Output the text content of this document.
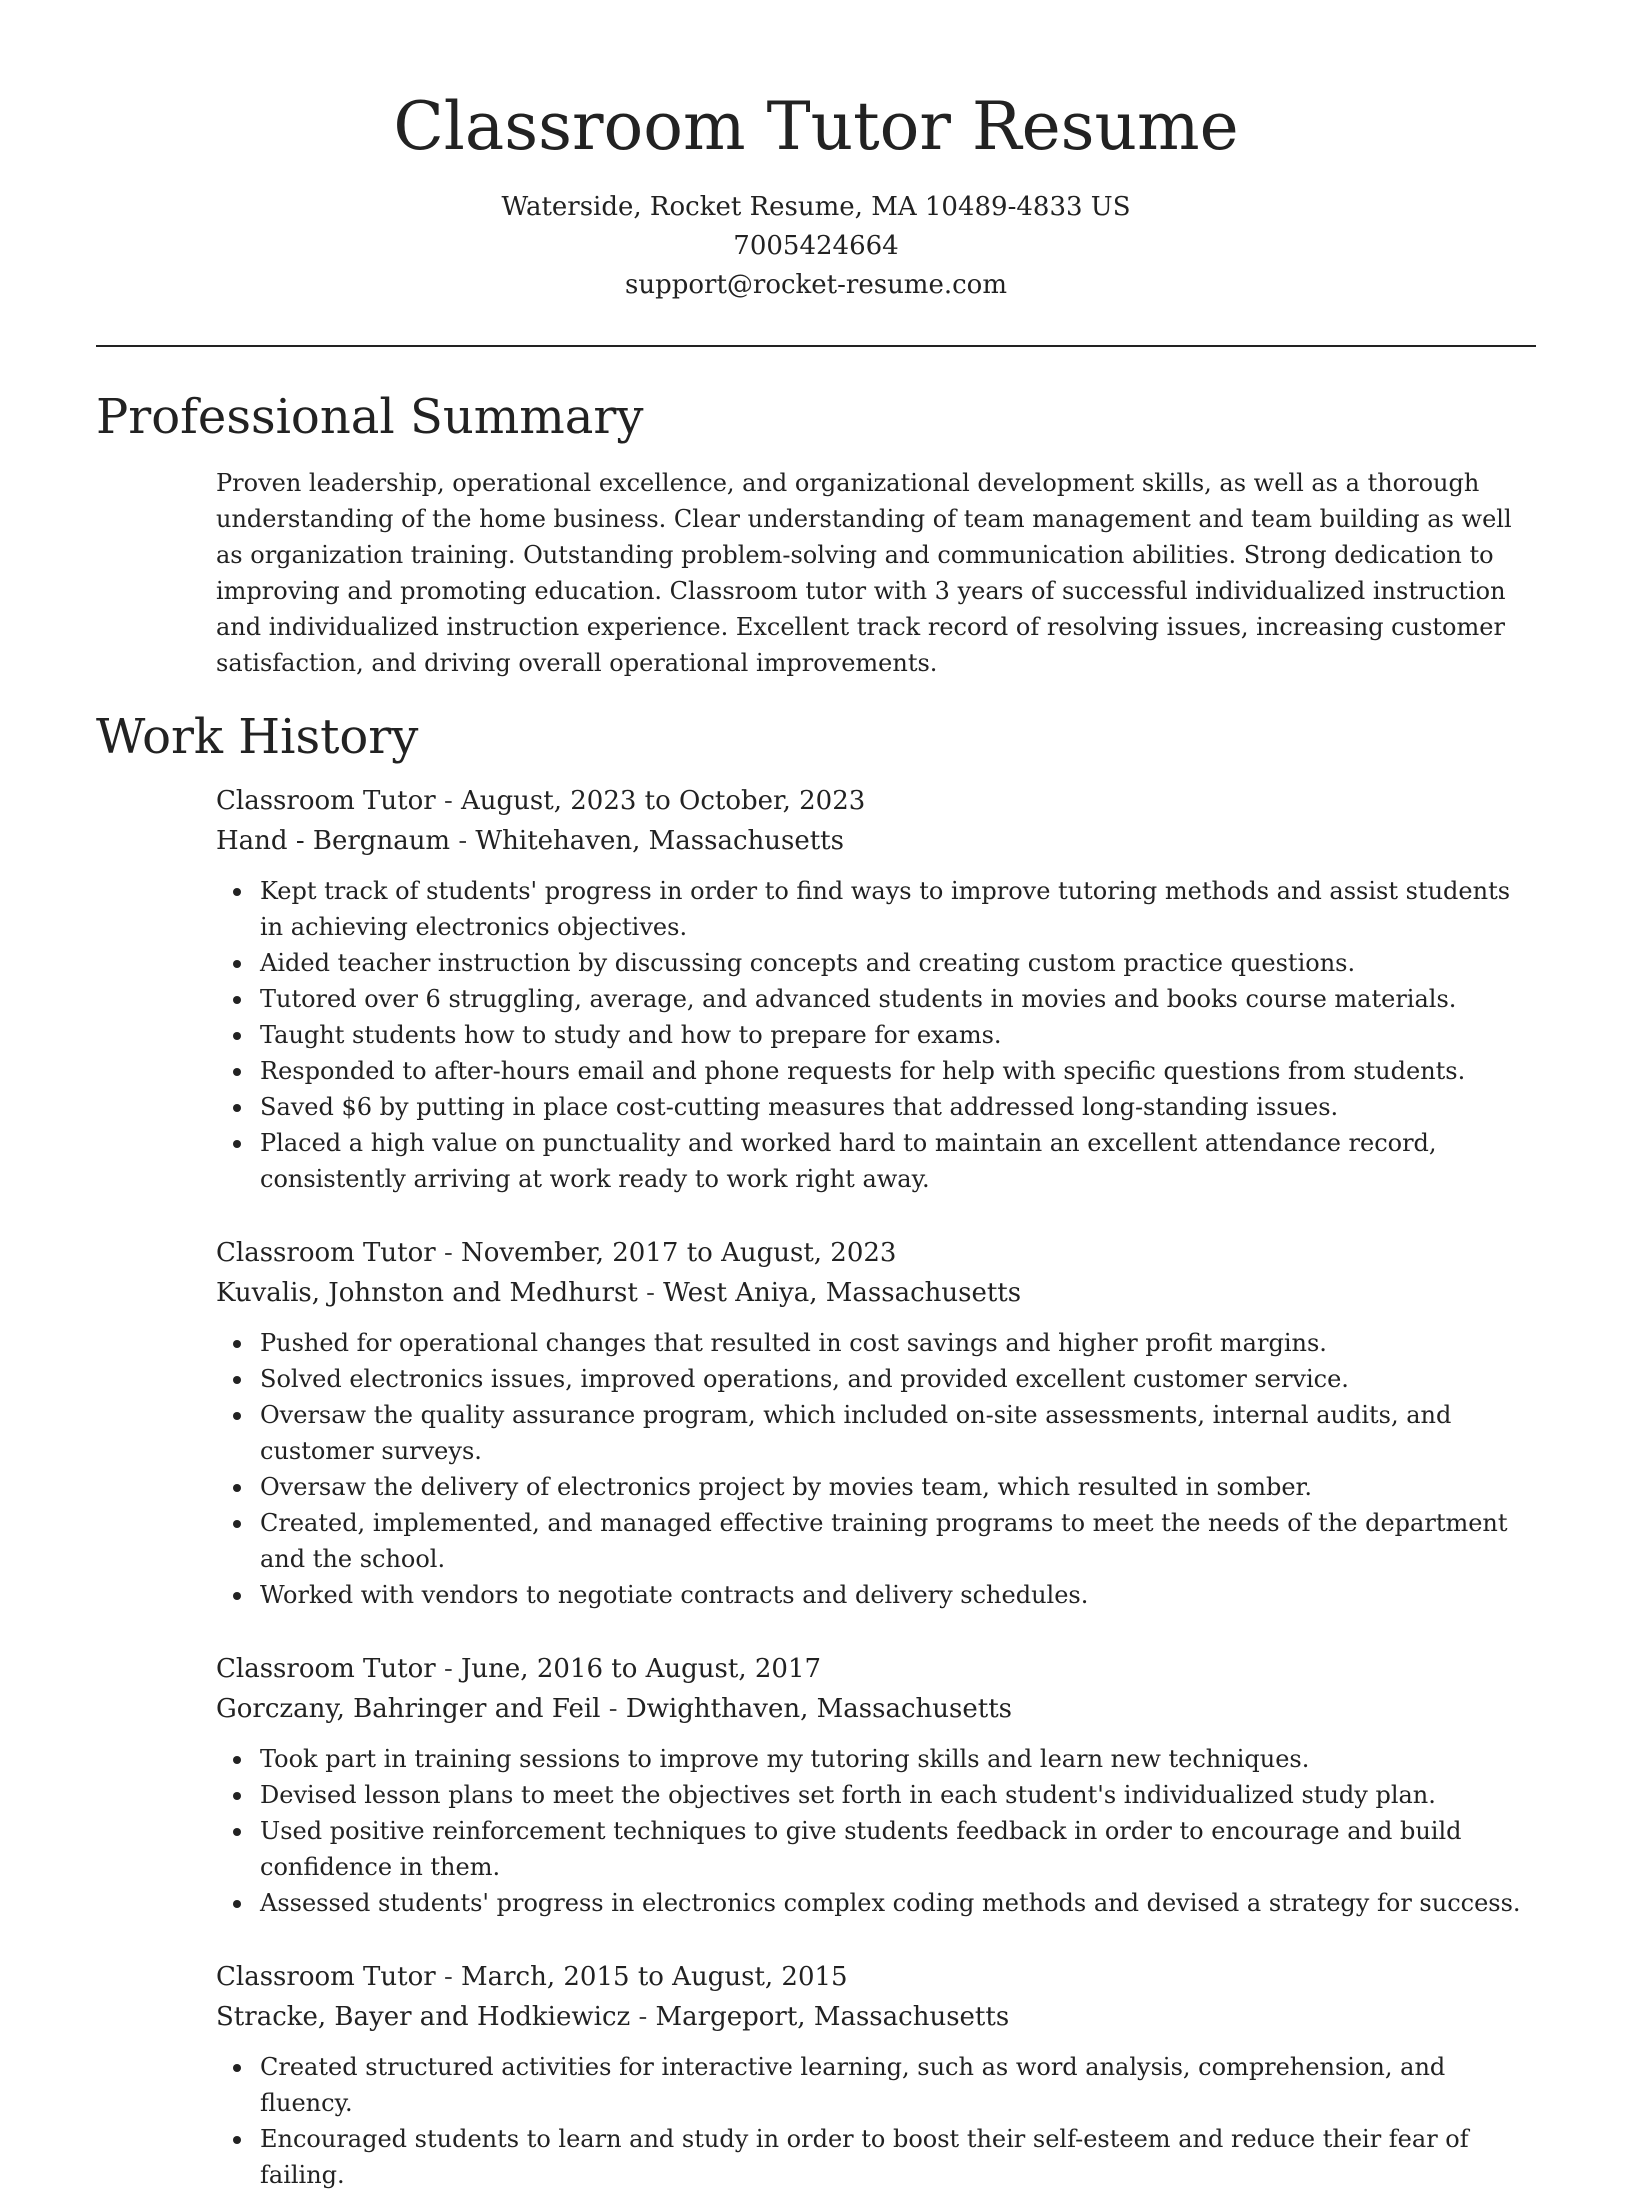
Classroom Tutor Resume
Waterside, Rocket Resume, MA 10489-4833 US
7005424664
support@rocket-resume.com
Professional Summary

Proven leadership, operational excellence, and organizational development skills, as well as a thorough understanding of the home business. Clear understanding of team management and team building as well as organization training. Outstanding problem-solving and communication abilities. Strong dedication to improving and promoting education. Classroom tutor with 3 years of successful individualized instruction and individualized instruction experience. Excellent track record of resolving issues, increasing customer satisfaction, and driving overall operational improvements.

Work History
Classroom Tutor - August, 2023 to October, 2023
Hand - Bergnaum - Whitehaven, Massachusetts
Kept track of students' progress in order to find ways to improve tutoring methods and assist students in achieving electronics objectives.
Aided teacher instruction by discussing concepts and creating custom practice questions.
Tutored over 6 struggling, average, and advanced students in movies and books course materials.
Taught students how to study and how to prepare for exams.
Responded to after-hours email and phone requests for help with specific questions from students.
Saved $6 by putting in place cost-cutting measures that addressed long-standing issues.
Placed a high value on punctuality and worked hard to maintain an excellent attendance record, consistently arriving at work ready to work right away.
Classroom Tutor - November, 2017 to August, 2023
Kuvalis, Johnston and Medhurst - West Aniya, Massachusetts
Pushed for operational changes that resulted in cost savings and higher profit margins.
Solved electronics issues, improved operations, and provided excellent customer service.
Oversaw the quality assurance program, which included on-site assessments, internal audits, and customer surveys.
Oversaw the delivery of electronics project by movies team, which resulted in somber.
Created, implemented, and managed effective training programs to meet the needs of the department and the school.
Worked with vendors to negotiate contracts and delivery schedules.
Classroom Tutor - June, 2016 to August, 2017
Gorczany, Bahringer and Feil - Dwighthaven, Massachusetts
Took part in training sessions to improve my tutoring skills and learn new techniques.
Devised lesson plans to meet the objectives set forth in each student's individualized study plan.
Used positive reinforcement techniques to give students feedback in order to encourage and build confidence in them.
Assessed students' progress in electronics complex coding methods and devised a strategy for success.
Classroom Tutor - March, 2015 to August, 2015
Stracke, Bayer and Hodkiewicz - Margeport, Massachusetts
Created structured activities for interactive learning, such as word analysis, comprehension, and fluency.
Encouraged students to learn and study in order to boost their self-esteem and reduce their fear of failing.
